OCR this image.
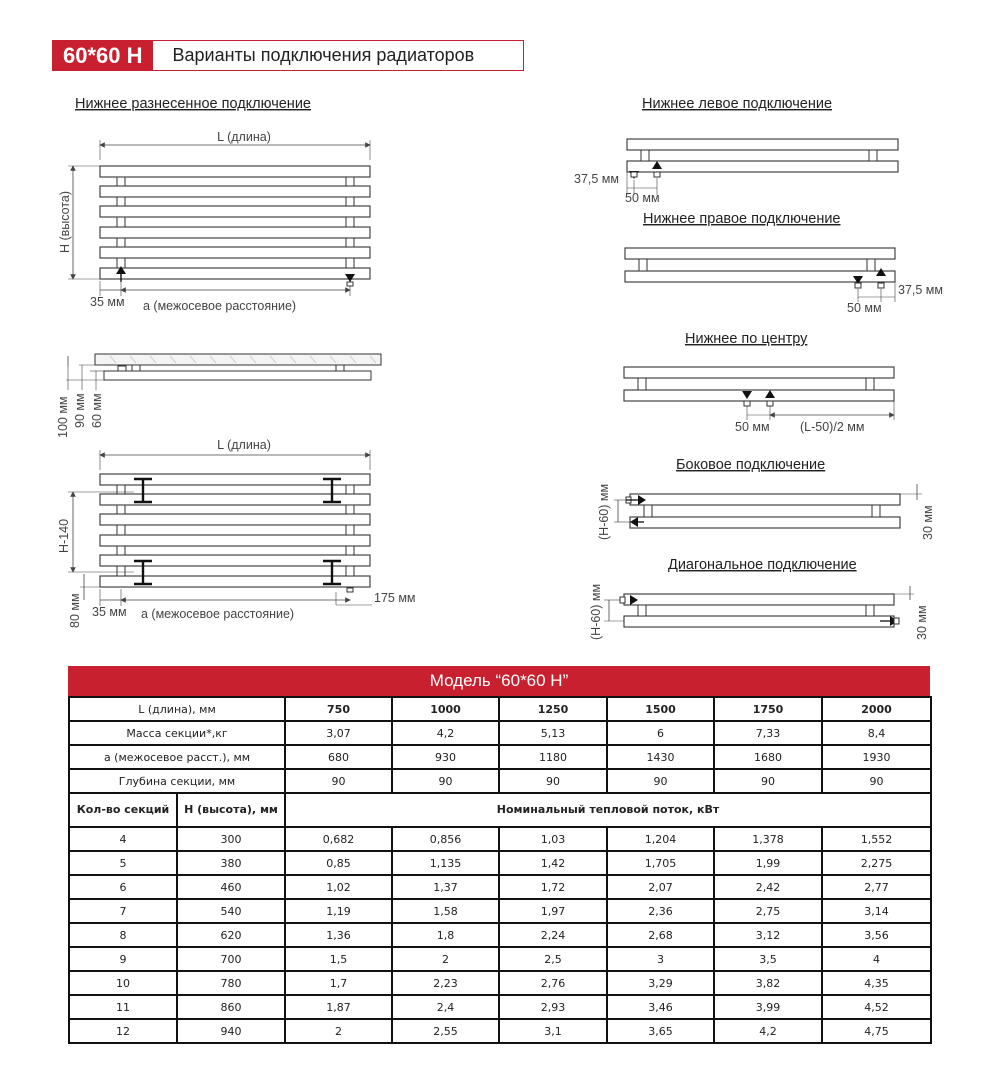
60*60 H	Варианты подключения радиаторов
Нижнее разнесенное подключение
L (длина)
H (высота)
35 мм а (межосевое расстояние)
100 мм 90 мм 60 мм
L (длина)
H-140
80 мм 35 мм а (межосевое расстояние)
175 мм
Нижнее левое подключение
37,5 мм
50 мм
Нижнее правое подключение
37,5 мм
50 мм
Нижнее по центру
50 мм (L-50)/2 мм
Боковое подключение
(H-60) мм	30 мм
Диагональное подключение
(H-60) мм	30 мм
Модель “60*60 H”
L (длина), мм		750	1000	1250	1500	1750	2000
Масса секции*,кг		3,07	4,2	5,13	6	7,33	8,4
а (межосевое расст.), мм		680	930	1180	1430	1680	1930
Глубина секции, мм		90	90	90	90	90	90
Кол-во секций	H (высота), мм	Номинальный тепловой поток, кВт					
4	300	0,682	0,856	1,03	1,204	1,378	1,552
5	380	0,85	1,135	1,42	1,705	1,99	2,275
6	460	1,02	1,37	1,72	2,07	2,42	2,77
7	540	1,19	1,58	1,97	2,36	2,75	3,14
8	620	1,36	1,8	2,24	2,68	3,12	3,56
9	700	1,5	2	2,5	3	3,5	4
10	780	1,7	2,23	2,76	3,29	3,82	4,35
11	860	1,87	2,4	2,93	3,46	3,99	4,52
12	940	2	2,55	3,1	3,65	4,2	4,75
